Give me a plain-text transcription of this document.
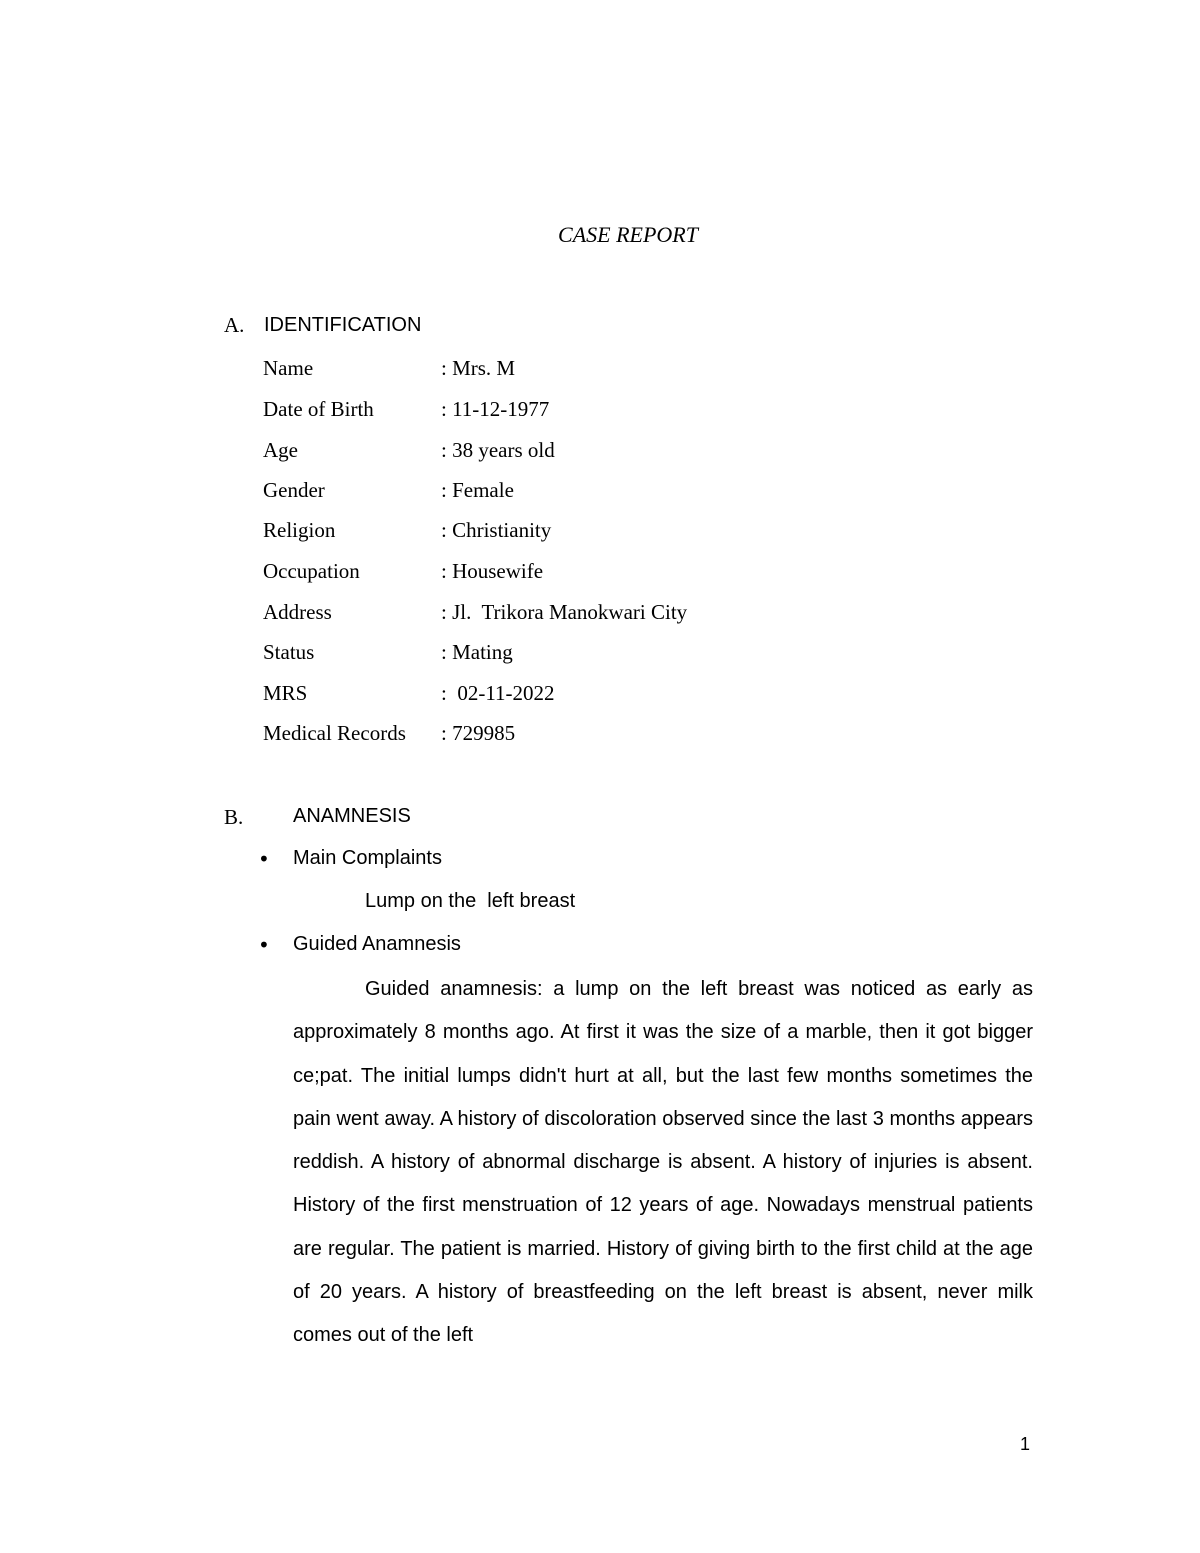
CASE REPORT
A. IDENTIFICATION
Name	: Mrs. M
Date of Birth	: 11-12-1977
Age	: 38 years old
Gender	: Female
Religion	: Christianity
Occupation	: Housewife
Address	: Jl.  Trikora Manokwari City
Status	: Mating
MRS	:  02-11-2022
Medical Records : 729985
B. ANAMNESIS
• Main Complaints
Lump on the  left breast
• Guided Anamnesis

Guided anamnesis: a lump on the left breast was noticed as early as approximately 8 months ago. At first it was the size of a marble, then it got bigger ce;pat. The initial lumps didn't hurt at all, but the last few months sometimes the pain went away. A history of discoloration observed since the last 3 months appears reddish. A history of abnormal discharge is absent. A history of injuries is absent. History of the first menstruation of 12 years of age. Nowadays menstrual patients are regular. The patient is married. History of giving birth to the first child at the age of 20 years. A history of breastfeeding on the left breast is absent, never milk comes out of the left

1
